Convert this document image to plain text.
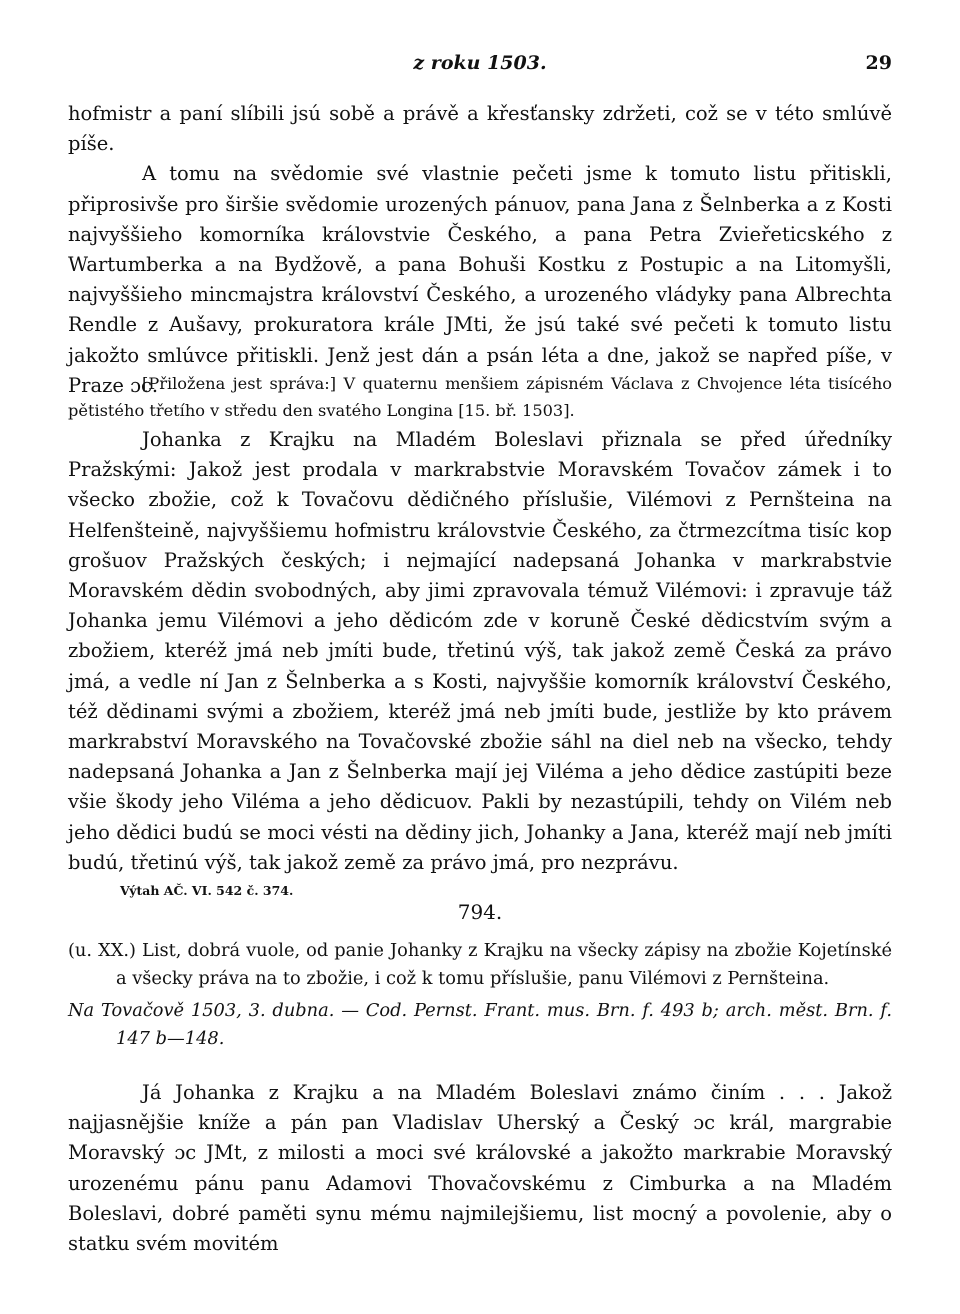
z roku 1503.	29

hofmistr a paní slíbili jsú sobě a právě a křesťansky zdržeti, což se v této smlúvě píše.

A tomu na svědomie své vlastnie pečeti jsme k tomuto listu přitiskli, připrosivše pro širšie svědomie urozených pánuov, pana Jana z Šelnberka a z Kosti najvyššieho komorníka královstvie Českého, a pana Petra Zvieřeticského z Wartumberka a na Bydžově, a pana Bohuši Kostku z Postupic a na Litomyšli, najvyššieho mincmajstra království Českého, a urozeného vládyky pana Albrechta Rendle z Aušavy, prokuratora krále JMti, že jsú také své pečeti k tomuto listu jakožto smlúvce přitiskli. Jenž jest dán a psán léta a dne, jakož se napřed píše, v Praze ɔc.

[Přiložena jest správa:] V quaternu menšiem zápisném Václava z Chvojence léta tisícého pětistého třetího v středu den svatého Longina [15. bř. 1503].

Johanka z Krajku na Mladém Boleslavi přiznala se před úředníky Pražskými: Jakož jest prodala v markrabstvie Moravském Tovačov zámek i to všecko zbožie, což k Tovačovu dědičného příslušie, Vilémovi z Pernšteina na Helfenšteině, najvyššiemu hofmistru královstvie Českého, za čtrmezcítma tisíc kop grošuov Pražských českých; i nejmající nadepsaná Johanka v markrabstvie Moravském dědin svobodných, aby jimi zpravovala témuž Vilémovi: i zpravuje táž Johanka jemu Vilémovi a jeho dědicóm zde v koruně České dědicstvím svým a zbožiem, kteréž jmá neb jmíti bude, třetinú výš, tak jakož země Česká za právo jmá, a vedle ní Jan z Šelnberka a s Kosti, najvyššie komorník království Českého, též dědinami svými a zbožiem, kteréž jmá neb jmíti bude, jestliže by kto právem markrabství Moravského na Tovačovské zbožie sáhl na diel neb na všecko, tehdy nadepsaná Johanka a Jan z Šelnberka mají jej Viléma a jeho dědice zastúpiti beze všie škody jeho Viléma a jeho dědicuov. Pakli by nezastúpili, tehdy on Vilém neb jeho dědici budú se moci vésti na dědiny jich, Johanky a Jana, kteréž mají neb jmíti budú, třetinú výš, tak jakož země za právo jmá, pro nezprávu.

Výtah AČ. VI. 542 č. 374.

794.
(u. XX.) List, dobrá vuole, od panie Johanky z Krajku na všecky zápisy na zbožie Kojetínské a všecky práva na to zbožie, i což k tomu příslušie, panu Vilémovi z Pernšteina.
Na Tovačově 1503, 3. dubna. — Cod. Pernst. Frant. mus. Brn. f. 493 b; arch. měst. Brn. f. 147 b—148.

Já Johanka z Krajku a na Mladém Boleslavi známo činím . . . Jakož najjasnějšie kníže a pán pan Vladislav Uherský a Český ɔc král, margrabie Moravský ɔc JMt, z milosti a moci své královské a jakožto markrabie Moravský urozenému pánu panu Adamovi Thovačovskému z Cimburka a na Mladém Boleslavi, dobré paměti synu mému najmilejšiemu, list mocný a povolenie, aby o statku svém movitém
